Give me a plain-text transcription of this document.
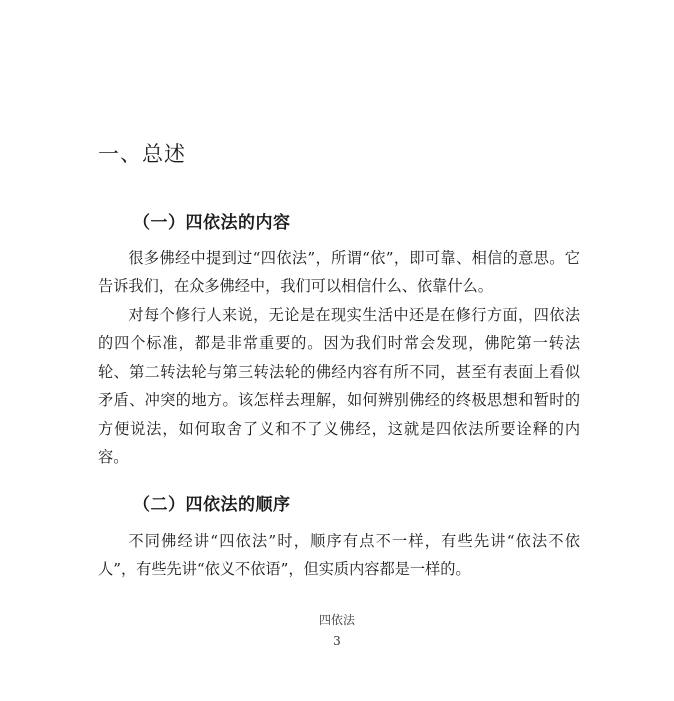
一、总述
（一）四依法的内容

很多佛经中提到过“四依法”，所谓“依”，即可靠、相信的意思。它告诉我们，在众多佛经中，我们可以相信什么、依靠什么。

对每个修行人来说，无论是在现实生活中还是在修行方面，四依法的四个标准，都是非常重要的。因为我们时常会发现，佛陀第一转法轮、第二转法轮与第三转法轮的佛经内容有所不同，甚至有表面上看似矛盾、冲突的地方。该怎样去理解，如何辨别佛经的终极思想和暂时的方便说法，如何取舍了义和不了义佛经，这就是四依法所要诠释的内容。

（二）四依法的顺序

不同佛经讲“四依法”时，顺序有点不一样，有些先讲“依法不依人”，有些先讲“依义不依语”，但实质内容都是一样的。

四依法
3
